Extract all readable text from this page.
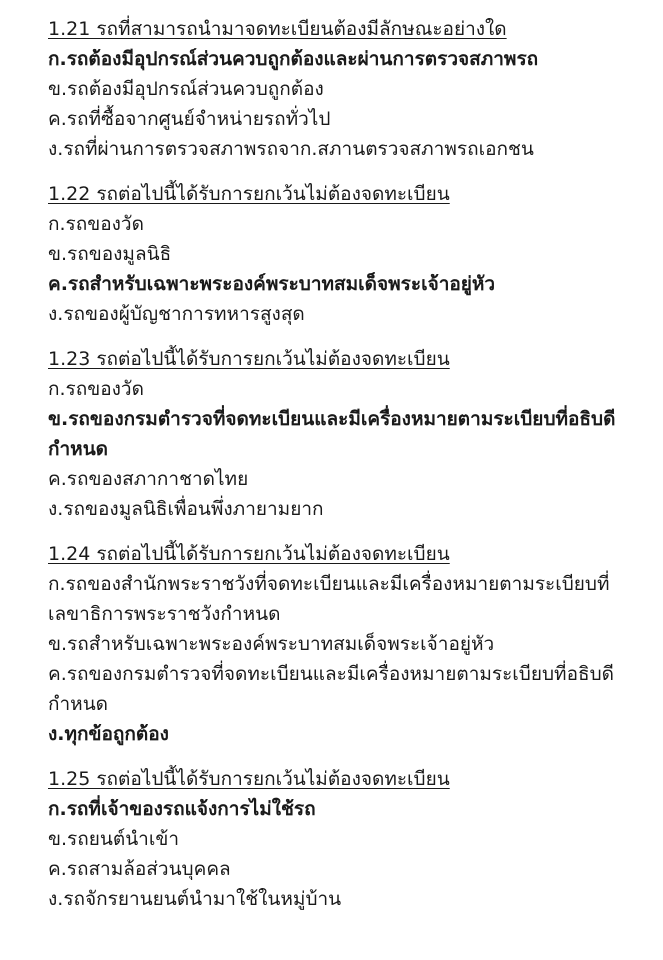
1.21 รถที่สามารถนำมาจดทะเบียนต้องมีลักษณะอย่างใด
ก.รถต้องมีอุปกรณ์ส่วนควบถูกต้องและผ่านการตรวจสภาพรถ
ข.รถต้องมีอุปกรณ์ส่วนควบถูกต้อง
ค.รถที่ซื้อจากศูนย์จำหน่ายรถทั่วไป
ง.รถที่ผ่านการตรวจสภาพรถจาก.สภานตรวจสภาพรถเอกชน
1.22 รถต่อไปนี้ได้รับการยกเว้นไม่ต้องจดทะเบียน
ก.รถของวัด
ข.รถของมูลนิธิ
ค.รถสำหรับเฉพาะพระองค์พระบาทสมเด็จพระเจ้าอยู่หัว
ง.รถของผู้บัญชาการทหารสูงสุด
1.23 รถต่อไปนี้ได้รับการยกเว้นไม่ต้องจดทะเบียน
ก.รถของวัด
ข.รถของกรมตำรวจที่จดทะเบียนและมีเครื่องหมายตามระเบียบที่อธิบดีกำหนด
ค.รถของสภากาชาดไทย
ง.รถของมูลนิธิเพื่อนพึ่งภายามยาก
1.24 รถต่อไปนี้ได้รับการยกเว้นไม่ต้องจดทะเบียน
ก.รถของสำนักพระราชวังที่จดทะเบียนและมีเครื่องหมายตามระเบียบที่เลขาธิการพระราชวังกำหนด
ข.รถสำหรับเฉพาะพระองค์พระบาทสมเด็จพระเจ้าอยู่หัว
ค.รถของกรมตำรวจที่จดทะเบียนและมีเครื่องหมายตามระเบียบที่อธิบดีกำหนด
ง.ทุกข้อถูกต้อง
1.25 รถต่อไปนี้ได้รับการยกเว้นไม่ต้องจดทะเบียน
ก.รถที่เจ้าของรถแจ้งการไม่ใช้รถ
ข.รถยนต์นำเข้า
ค.รถสามล้อส่วนบุคคล
ง.รถจักรยานยนต์นำมาใช้ในหมู่บ้าน
